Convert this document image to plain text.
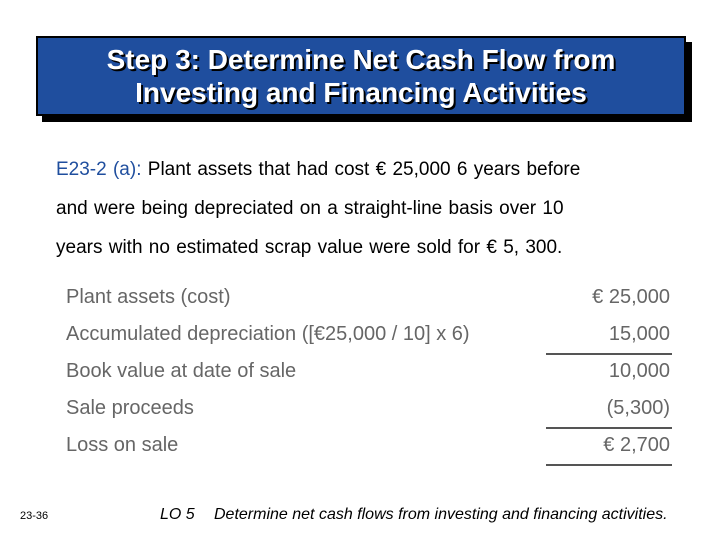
Step 3: Determine Net Cash Flow from
Investing and Financing Activities
E23-2 (a): Plant assets that had cost € 25,000 6 years before
and were being depreciated on a straight-line basis over 10
years with no estimated scrap value were sold for € 5, 300.
Plant assets (cost)	€ 25,000
Accumulated depreciation ([€25,000 / 10] x 6)	15,000
Book value at date of sale	10,000
Sale proceeds	(5,300)
Loss on sale	€ 2,700
23-36	LO 5 Determine net cash flows from investing and financing activities.
